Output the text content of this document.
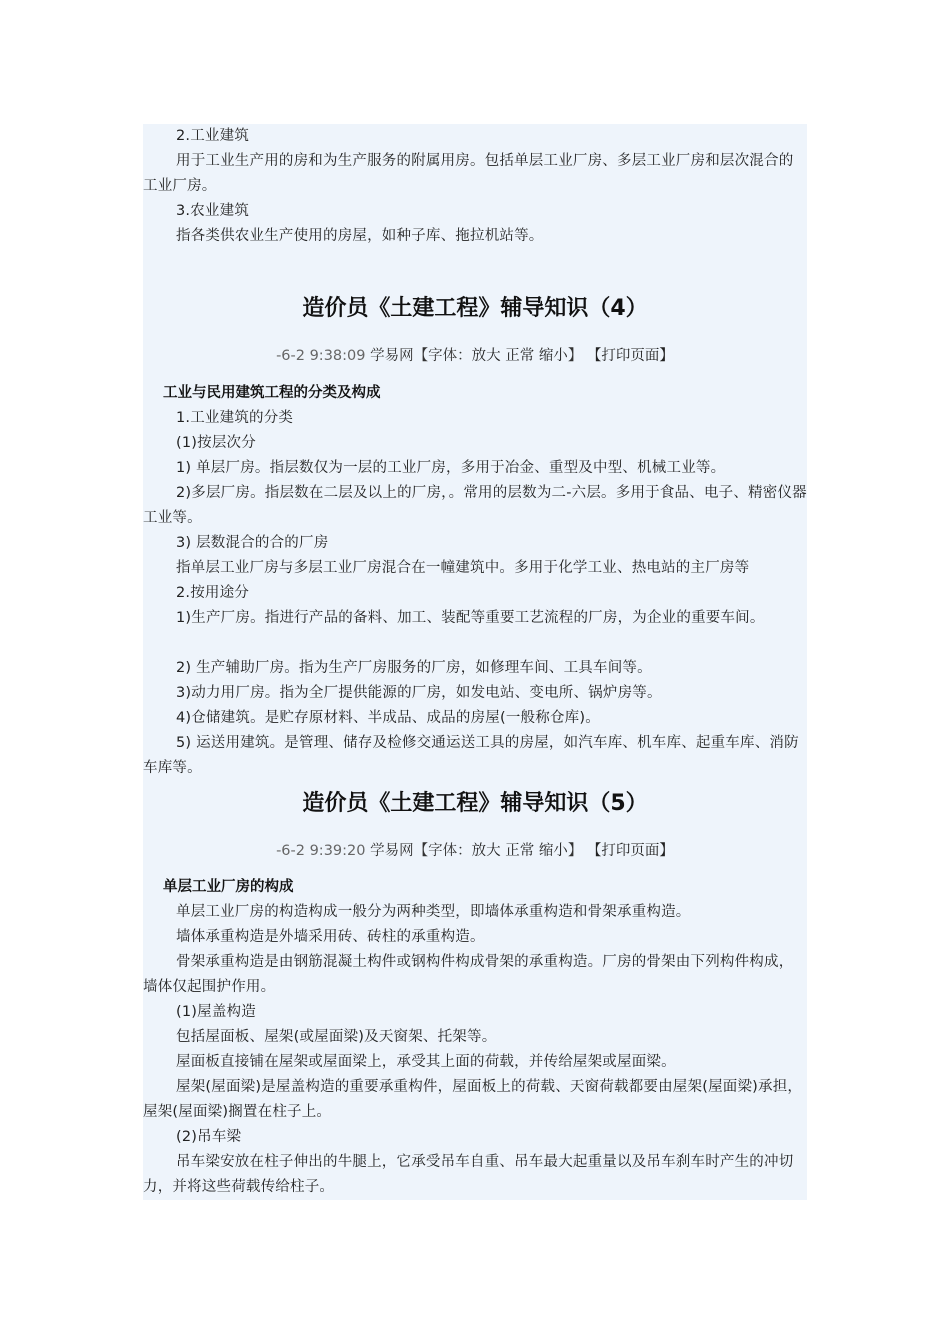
2.工业建筑
用于工业生产用的房和为生产服务的附属用房。包括单层工业厂房、多层工业厂房和层次混合的工业厂房。
3.农业建筑
指各类供农业生产使用的房屋，如种子库、拖拉机站等。
造价员《土建工程》辅导知识（4）
-6-2 9:38:09 学易网【字体：放大 正常 缩小】 【打印页面】
工业与民用建筑工程的分类及构成
1.工业建筑的分类
(1)按层次分
1) 单层厂房。指层数仅为一层的工业厂房，多用于冶金、重型及中型、机械工业等。
2)多层厂房。指层数在二层及以上的厂房，。常用的层数为二-六层。多用于食品、电子、精密仪器工业等。
3) 层数混合的合的厂房
指单层工业厂房与多层工业厂房混合在一幢建筑中。多用于化学工业、热电站的主厂房等
2.按用途分
1)生产厂房。指进行产品的备料、加工、装配等重要工艺流程的厂房，为企业的重要车间。
2) 生产辅助厂房。指为生产厂房服务的厂房，如修理车间、工具车间等。
3)动力用厂房。指为全厂提供能源的厂房，如发电站、变电所、锅炉房等。
4)仓储建筑。是贮存原材料、半成品、成品的房屋(一般称仓库)。
5) 运送用建筑。是管理、储存及检修交通运送工具的房屋，如汽车库、机车库、起重车库、消防车库等。
造价员《土建工程》辅导知识（5）
-6-2 9:39:20 学易网【字体：放大 正常 缩小】 【打印页面】
单层工业厂房的构成
单层工业厂房的构造构成一般分为两种类型，即墙体承重构造和骨架承重构造。
墙体承重构造是外墙采用砖、砖柱的承重构造。
骨架承重构造是由钢筋混凝土构件或钢构件构成骨架的承重构造。厂房的骨架由下列构件构成，墙体仅起围护作用。
(1)屋盖构造
包括屋面板、屋架(或屋面梁)及天窗架、托架等。
屋面板直接铺在屋架或屋面梁上，承受其上面的荷载，并传给屋架或屋面梁。
屋架(屋面梁)是屋盖构造的重要承重构件，屋面板上的荷载、天窗荷载都要由屋架(屋面梁)承担，屋架(屋面梁)搁置在柱子上。
(2)吊车梁
吊车梁安放在柱子伸出的牛腿上，它承受吊车自重、吊车最大起重量以及吊车刹车时产生的冲切力，并将这些荷载传给柱子。
